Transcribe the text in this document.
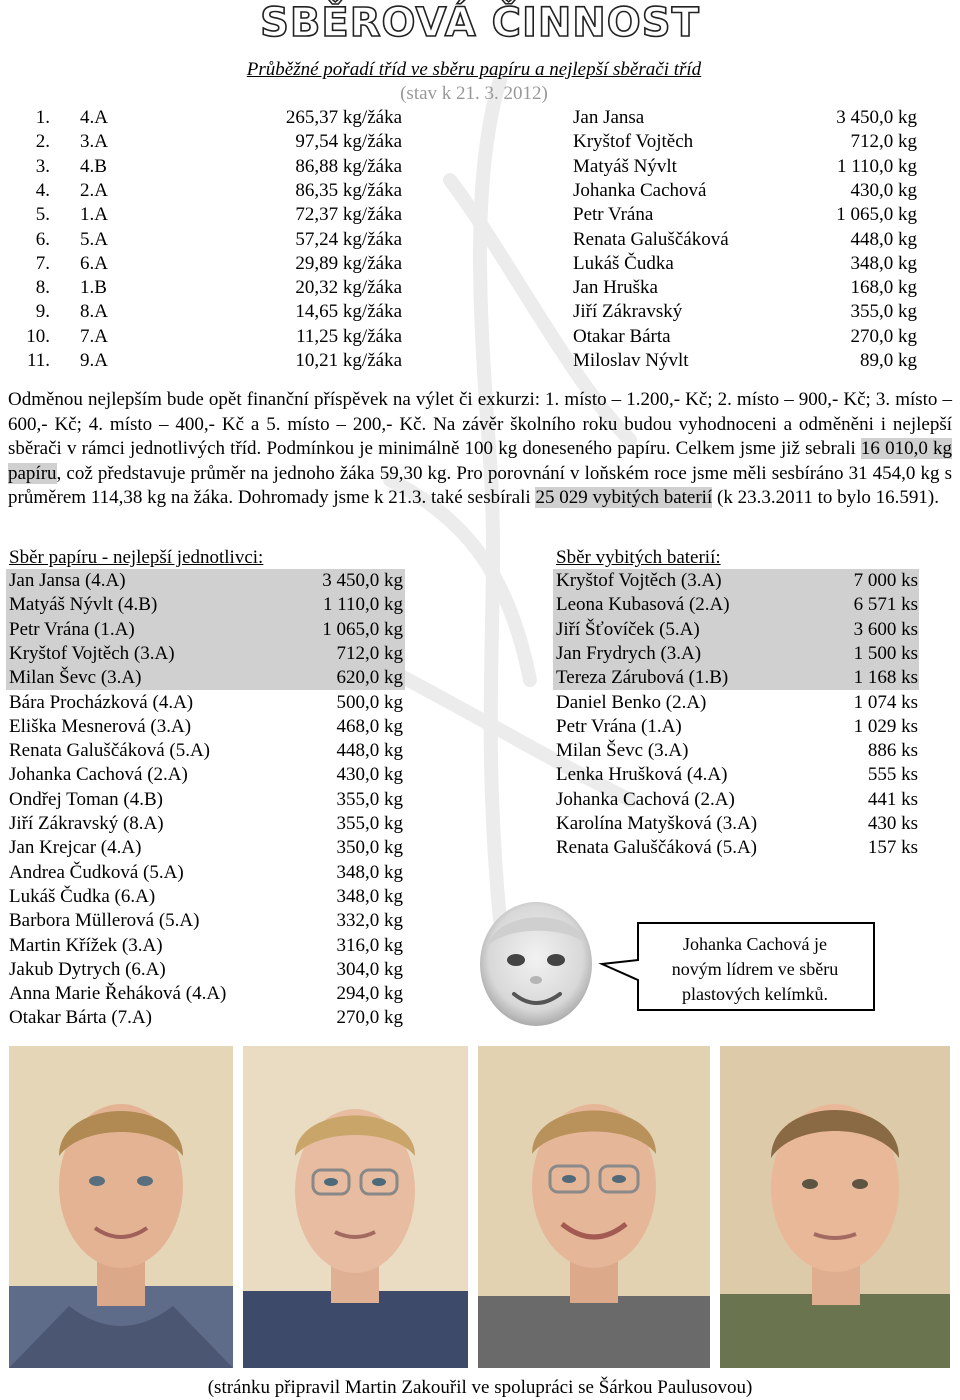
SBĚROVÁ ČINNOST
Průběžné pořadí tříd ve sběru papíru a nejlepší sběrači tříd
(stav k 21. 3. 2012)
1. 4.A	265,37 kg/žáka	Jan Jansa	3 450,0 kg
2. 3.A	97,54 kg/žáka	Kryštof Vojtěch	712,0 kg
3. 4.B	86,88 kg/žáka	Matyáš Nývlt	1 110,0 kg
4. 2.A	86,35 kg/žáka	Johanka Cachová	430,0 kg
5. 1.A	72,37 kg/žáka	Petr Vrána	1 065,0 kg
6. 5.A	57,24 kg/žáka	Renata Galuščáková	448,0 kg
7. 6.A	29,89 kg/žáka	Lukáš Čudka	348,0 kg
8. 1.B	20,32 kg/žáka	Jan Hruška	168,0 kg
9. 8.A	14,65 kg/žáka	Jiří Zákravský	355,0 kg
10. 7.A	11,25 kg/žáka	Otakar Bárta	270,0 kg
11. 9.A	10,21 kg/žáka	Miloslav Nývlt	89,0 kg
Odměnou nejlepším bude opět finanční příspěvek na výlet či exkurzi: 1. místo – 1.200,- Kč; 2. místo – 900,- Kč; 3. místo – 600,- Kč; 4. místo – 400,- Kč a 5. místo – 200,- Kč. Na závěr školního roku budou vyhodnoceni a odměněni i nejlepší sběrači v rámci jednotlivých tříd. Podmínkou je minimálně 100 kg doneseného papíru. Celkem jsme již sebrali 16 010,0 kg papíru, což představuje průměr na jednoho žáka 59,30 kg. Pro porovnání v loňském roce jsme měli sesbíráno 31 454,0 kg s průměrem 114,38 kg na žáka. Dohromady jsme k 21.3. také sesbírali 25 029 vybitých baterií (k 23.3.2011 to bylo 16.591).
Sběr papíru - nejlepší jednotlivci:
Jan Jansa (4.A)	3 450,0 kg
Matyáš Nývlt (4.B)	1 110,0 kg
Petr Vrána (1.A)	1 065,0 kg
Kryštof Vojtěch (3.A)	712,0 kg
Milan Ševc (3.A)	620,0 kg
Bára Procházková (4.A)	500,0 kg
Eliška Mesnerová (3.A)	468,0 kg
Renata Galuščáková (5.A)	448,0 kg
Johanka Cachová (2.A)	430,0 kg
Ondřej Toman (4.B)	355,0 kg
Jiří Zákravský (8.A)	355,0 kg
Jan Krejcar (4.A)	350,0 kg
Andrea Čudková (5.A)	348,0 kg
Lukáš Čudka (6.A)	348,0 kg
Barbora Müllerová (5.A)	332,0 kg
Martin Křížek (3.A)	316,0 kg
Jakub Dytrych (6.A)	304,0 kg
Anna Marie Řeháková (4.A)	294,0 kg
Otakar Bárta (7.A)	270,0 kg
Sběr vybitých baterií:
Kryštof Vojtěch (3.A)	7 000 ks
Leona Kubasová (2.A)	6 571 ks
Jiří Šťovíček (5.A)	3 600 ks
Jan Frydrych (3.A)	1 500 ks
Tereza Zárubová (1.B)	1 168 ks
Daniel Benko (2.A)	1 074 ks
Petr Vrána (1.A)	1 029 ks
Milan Ševc (3.A)	886 ks
Lenka Hrušková (4.A)	555 ks
Johanka Cachová (2.A)	441 ks
Karolína Matyšková (3.A)	430 ks
Renata Galuščáková (5.A)	157 ks
Johanka Cachová je novým lídrem ve sběru plastových kelímků.
(stránku připravil Martin Zakouřil ve spolupráci se Šárkou Paulusovou)
